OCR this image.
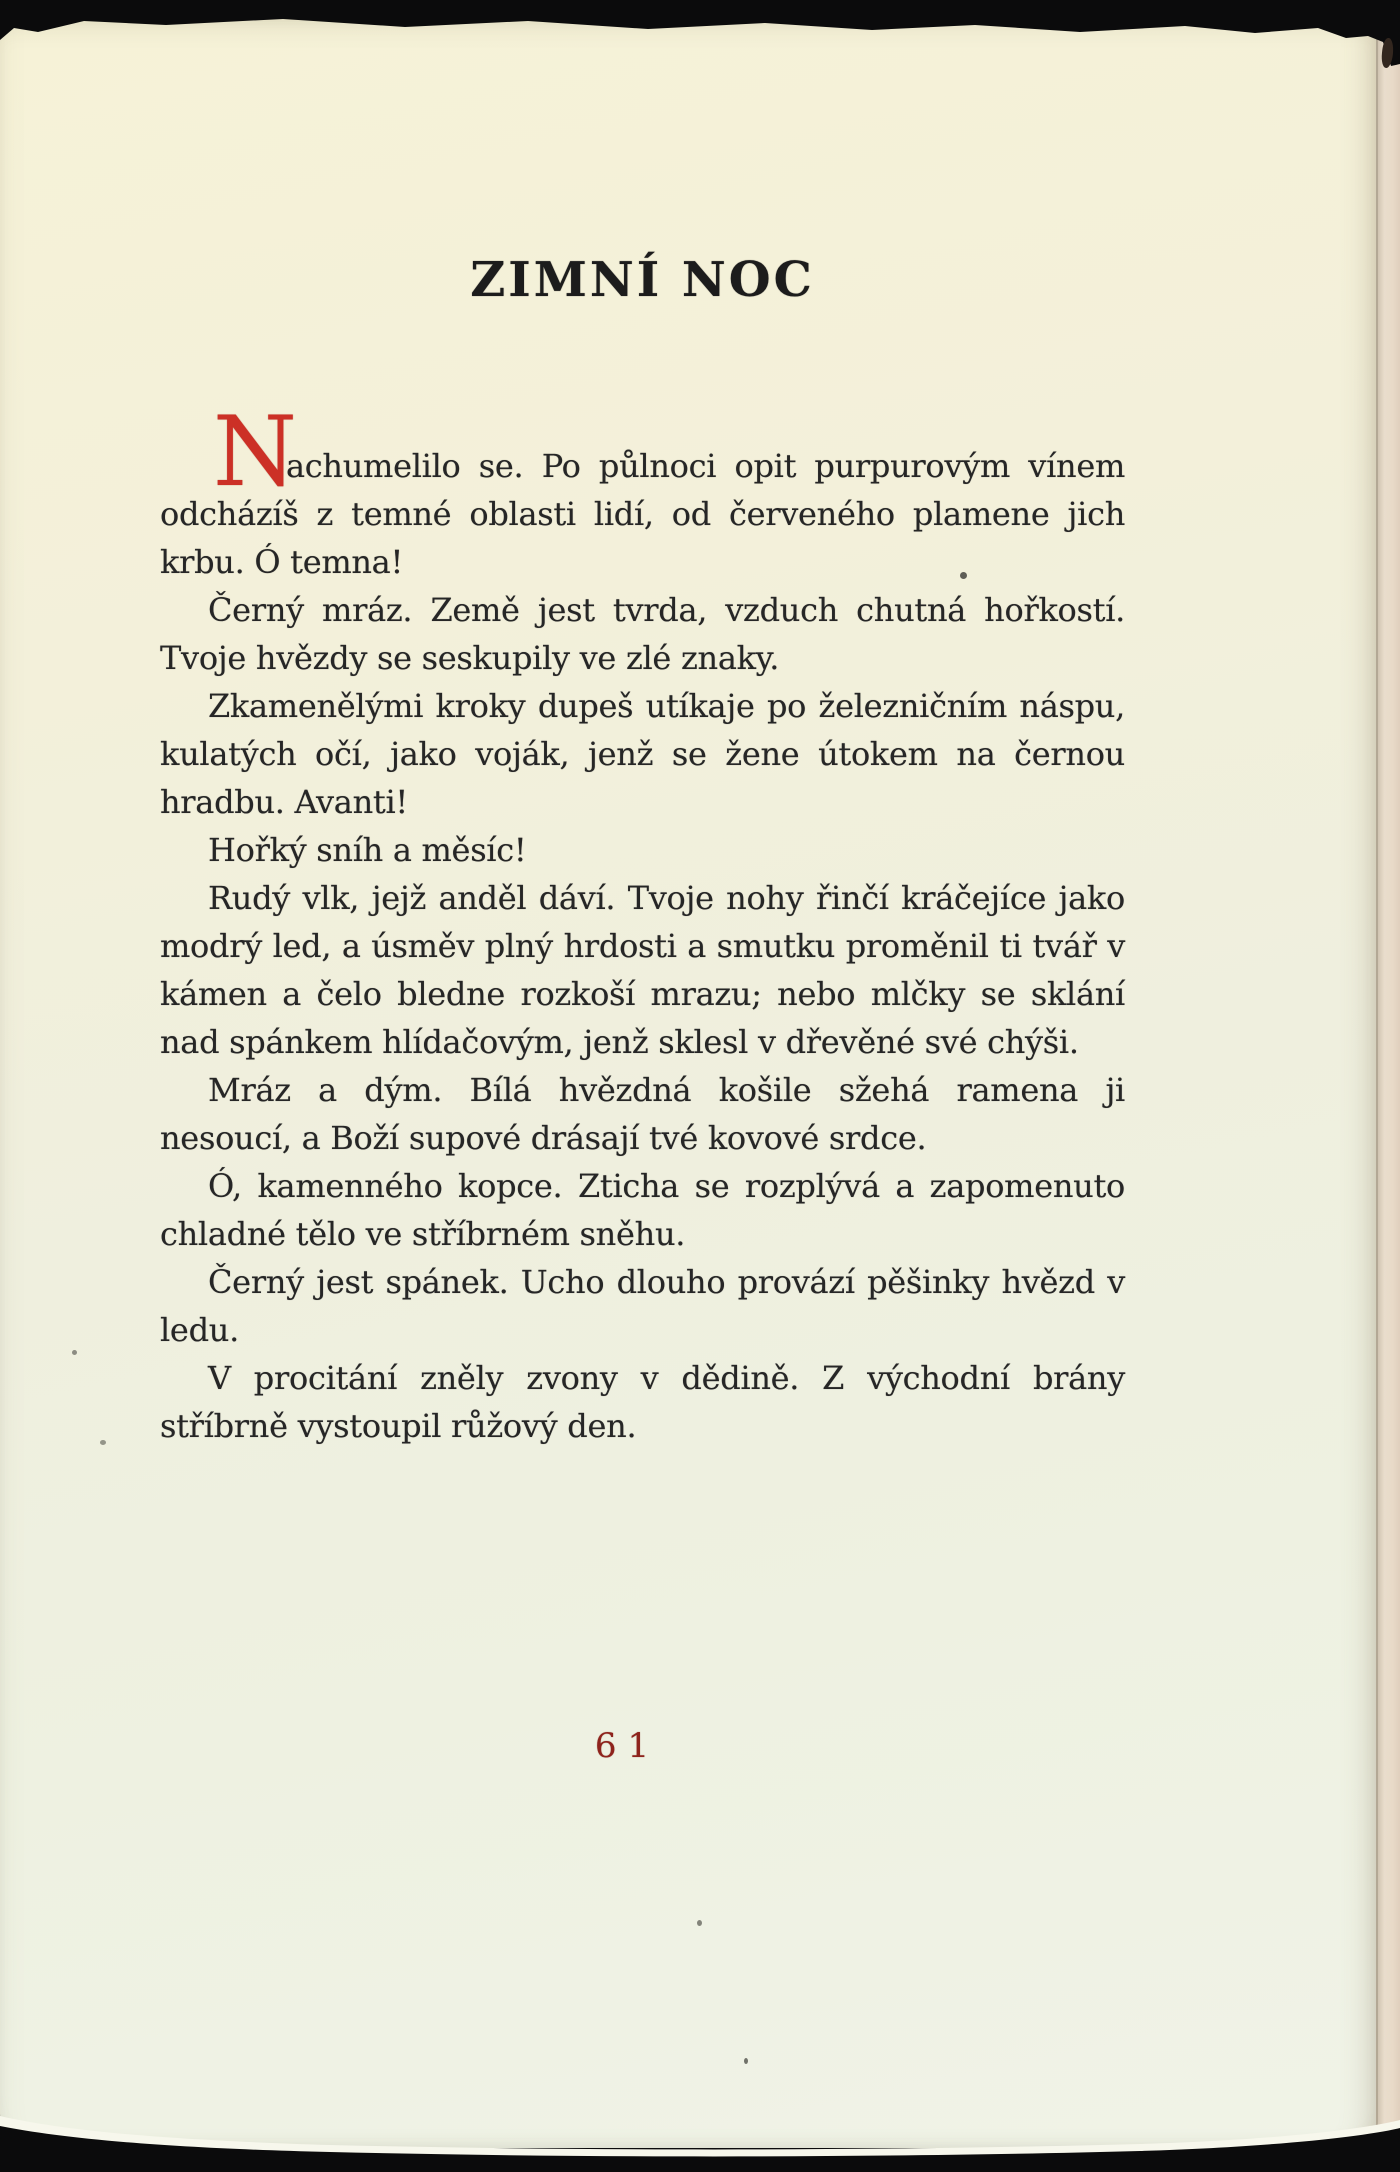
ZIMNÍ NOC
N

achumelilo se. Po půlnoci opit purpurovým vínem odcházíš z temné oblasti lidí, od červeného plamene jich krbu. Ó temna!

Černý mráz. Země jest tvrda, vzduch chutná hořkostí. Tvoje hvězdy se seskupily ve zlé znaky.

Zkamenělými kroky dupeš utíkaje po železničním náspu, kulatých očí, jako voják, jenž se žene útokem na černou hradbu. Avanti!

Hořký sníh a měsíc!

Rudý vlk, jejž anděl dáví. Tvoje nohy řinčí kráčejíce jako modrý led, a úsměv plný hrdosti a smutku proměnil ti tvář v kámen a čelo bledne rozkoší mrazu; nebo mlčky se sklání nad spánkem hlídačovým, jenž sklesl v dřevěné své chýši.

Mráz a dým. Bílá hvězdná košile sžehá ramena ji nesoucí, a Boží supové drásají tvé kovové srdce.

Ó, kamenného kopce. Zticha se rozplývá a zapomenuto chladné tělo ve stříbrném sněhu.

Černý jest spánek. Ucho dlouho provází pěšinky hvězd v ledu.

V procitání zněly zvony v dědině. Z východní brány stříbrně vystoupil růžový den.

61
